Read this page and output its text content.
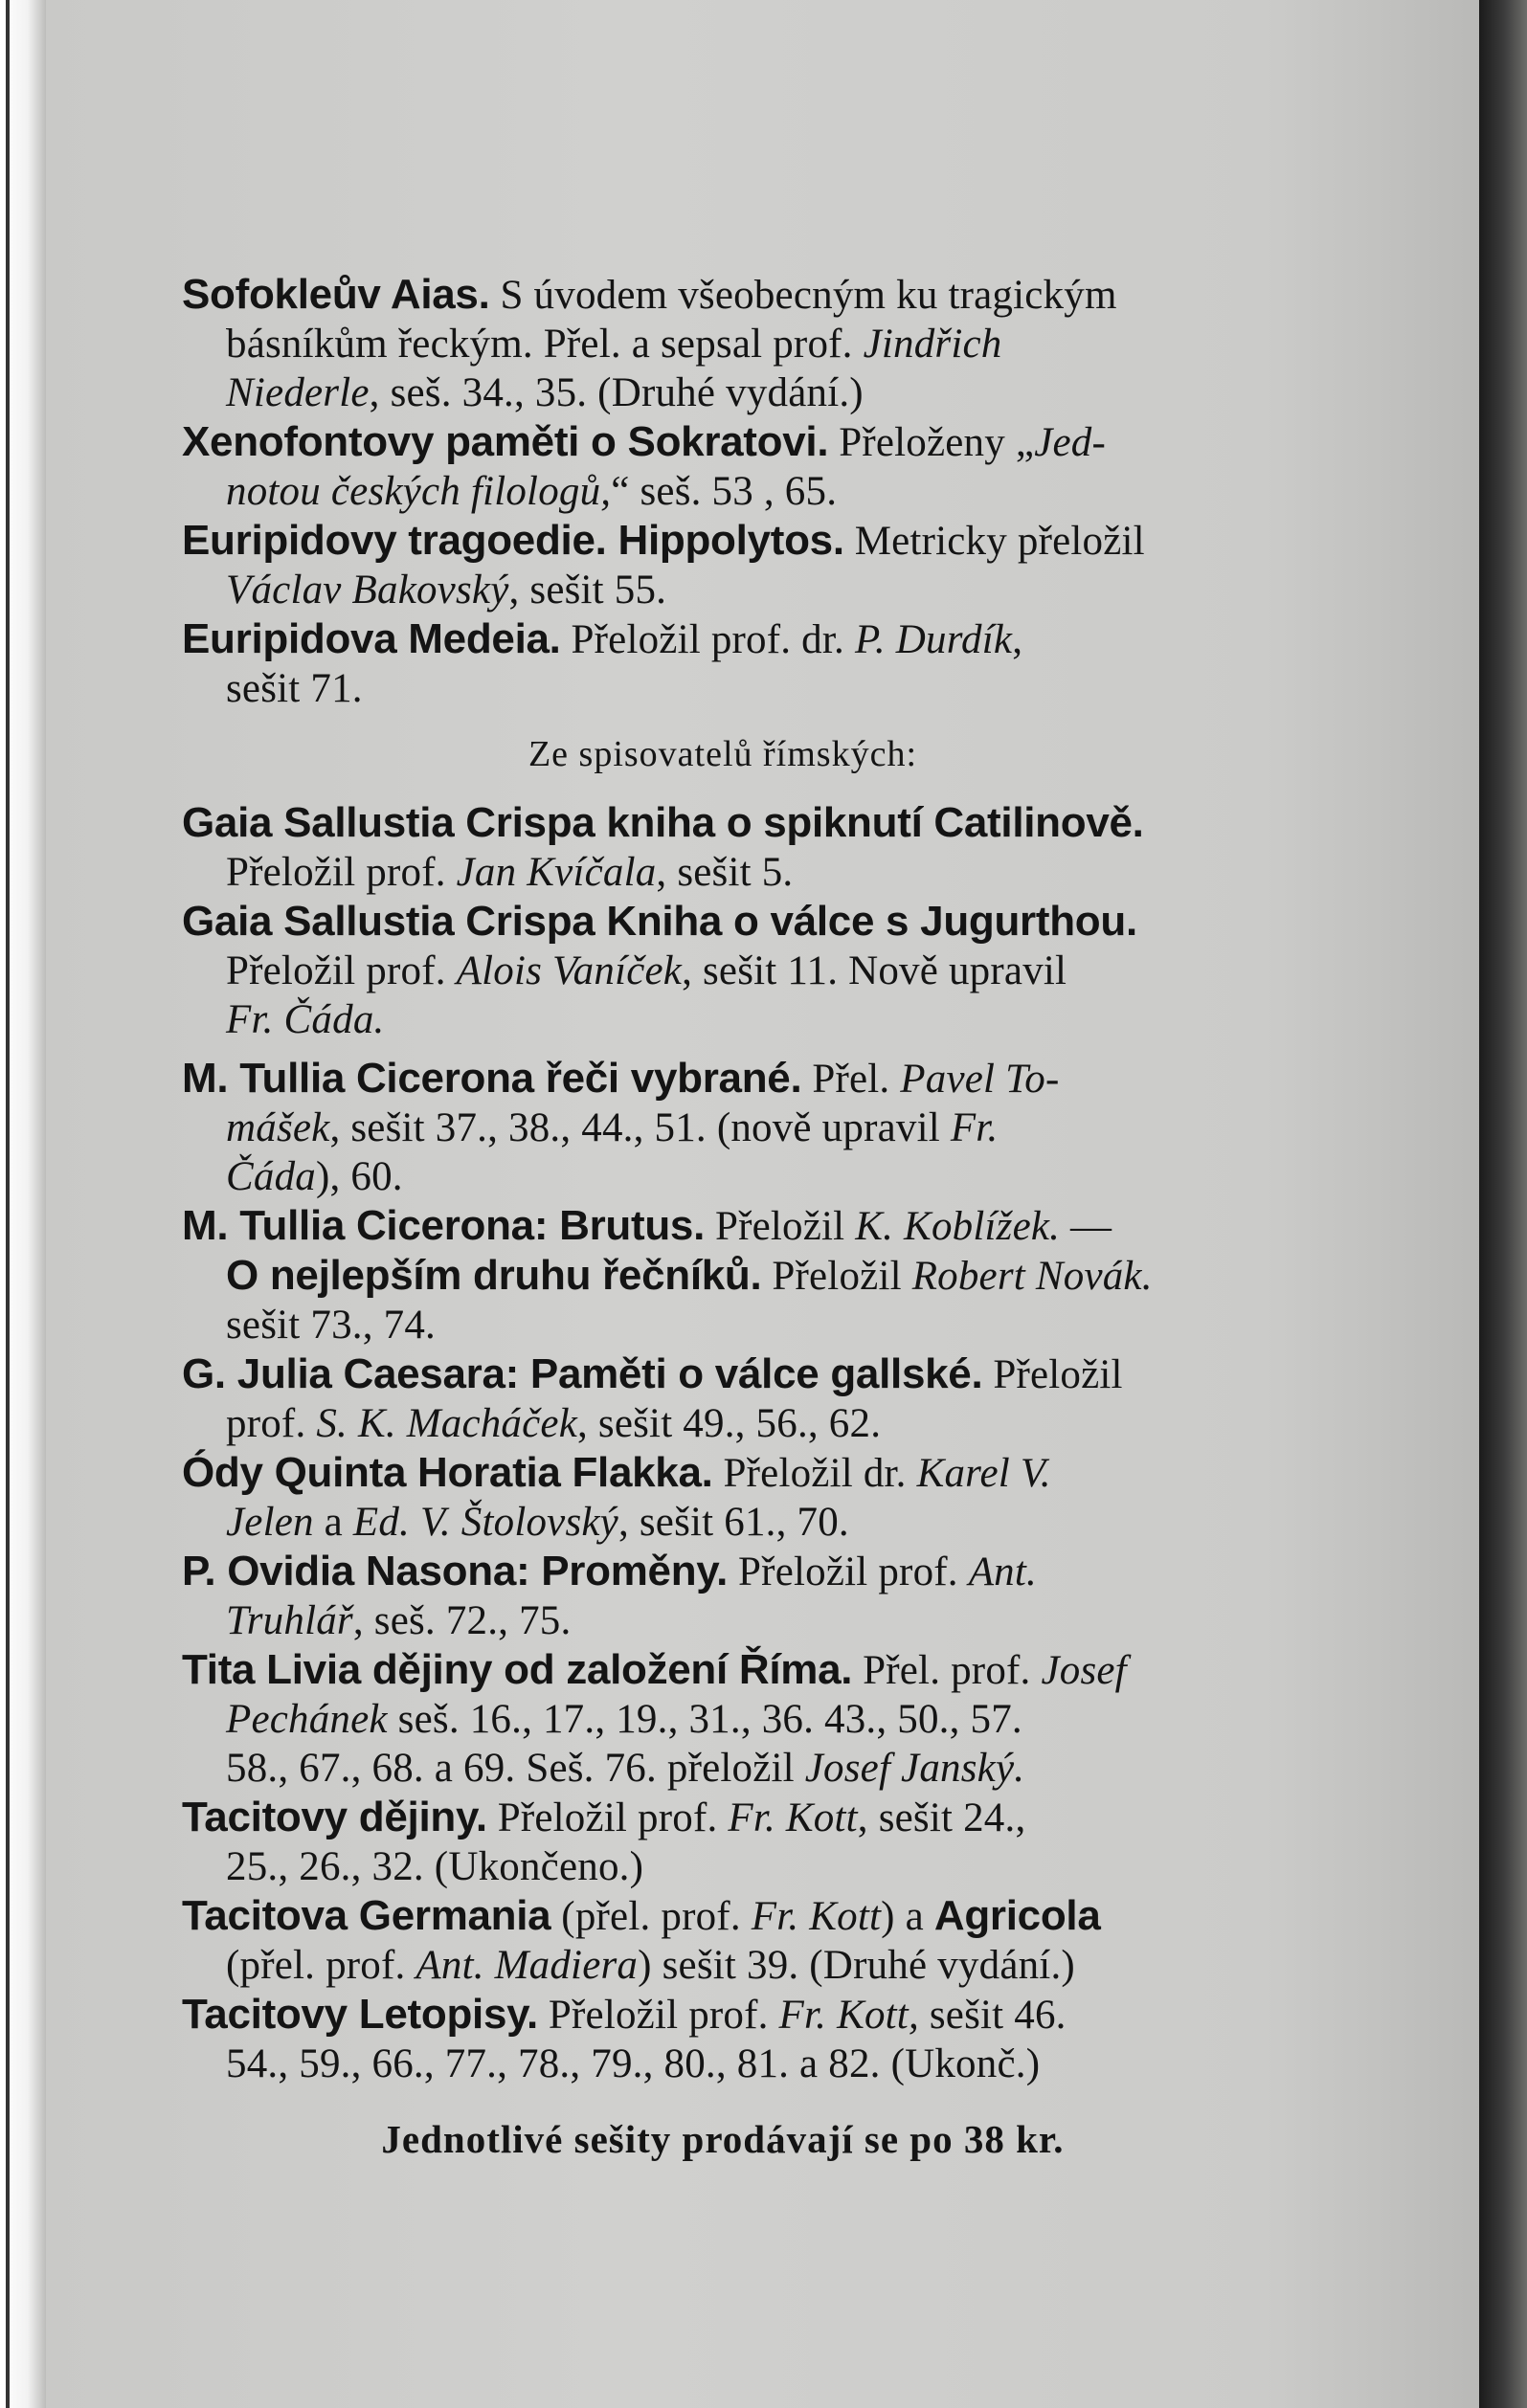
Sofokleův Aias. S úvodem všeobecným ku tragickým
básníkům řeckým. Přel. a sepsal prof. Jindřich
Niederle, seš. 34., 35. (Druhé vydání.)
Xenofontovy paměti o Sokratovi. Přeloženy „Jed-
notou českých filologů,“ seš. 53 , 65.
Euripidovy tragoedie. Hippolytos. Metricky přeložil
Václav Bakovský, sešit 55.
Euripidova Medeia. Přeložil prof. dr. P. Durdík,
sešit 71.
Ze spisovatelů římských:
Gaia Sallustia Crispa kniha o spiknutí Catilinově.
Přeložil prof. Jan Kvíčala, sešit 5.
Gaia Sallustia Crispa Kniha o válce s Jugurthou.
Přeložil prof. Alois Vaníček, sešit 11. Nově upravil
Fr. Čáda.
M. Tullia Cicerona řeči vybrané. Přel. Pavel To-
mášek, sešit 37., 38., 44., 51. (nově upravil Fr.
Čáda), 60.
M. Tullia Cicerona: Brutus. Přeložil K. Koblížek. —
O nejlepším druhu řečníků. Přeložil Robert Novák.
sešit 73., 74.
G. Julia Caesara: Paměti o válce gallské. Přeložil
prof. S. K. Macháček, sešit 49., 56., 62.
Ódy Quinta Horatia Flakka. Přeložil dr. Karel V.
Jelen a Ed. V. Štolovský, sešit 61., 70.
P. Ovidia Nasona: Proměny. Přeložil prof. Ant.
Truhlář, seš. 72., 75.
Tita Livia dějiny od založení Říma. Přel. prof. Josef
Pechánek seš. 16., 17., 19., 31., 36. 43., 50., 57.
58., 67., 68. a 69. Seš. 76. přeložil Josef Janský.
Tacitovy dějiny. Přeložil prof. Fr. Kott, sešit 24.,
25., 26., 32. (Ukončeno.)
Tacitova Germania (přel. prof. Fr. Kott) a Agricola
(přel. prof. Ant. Madiera) sešit 39. (Druhé vydání.)
Tacitovy Letopisy. Přeložil prof. Fr. Kott, sešit 46.
54., 59., 66., 77., 78., 79., 80., 81. a 82. (Ukonč.)
Jednotlivé sešity prodávají se po 38 kr.
